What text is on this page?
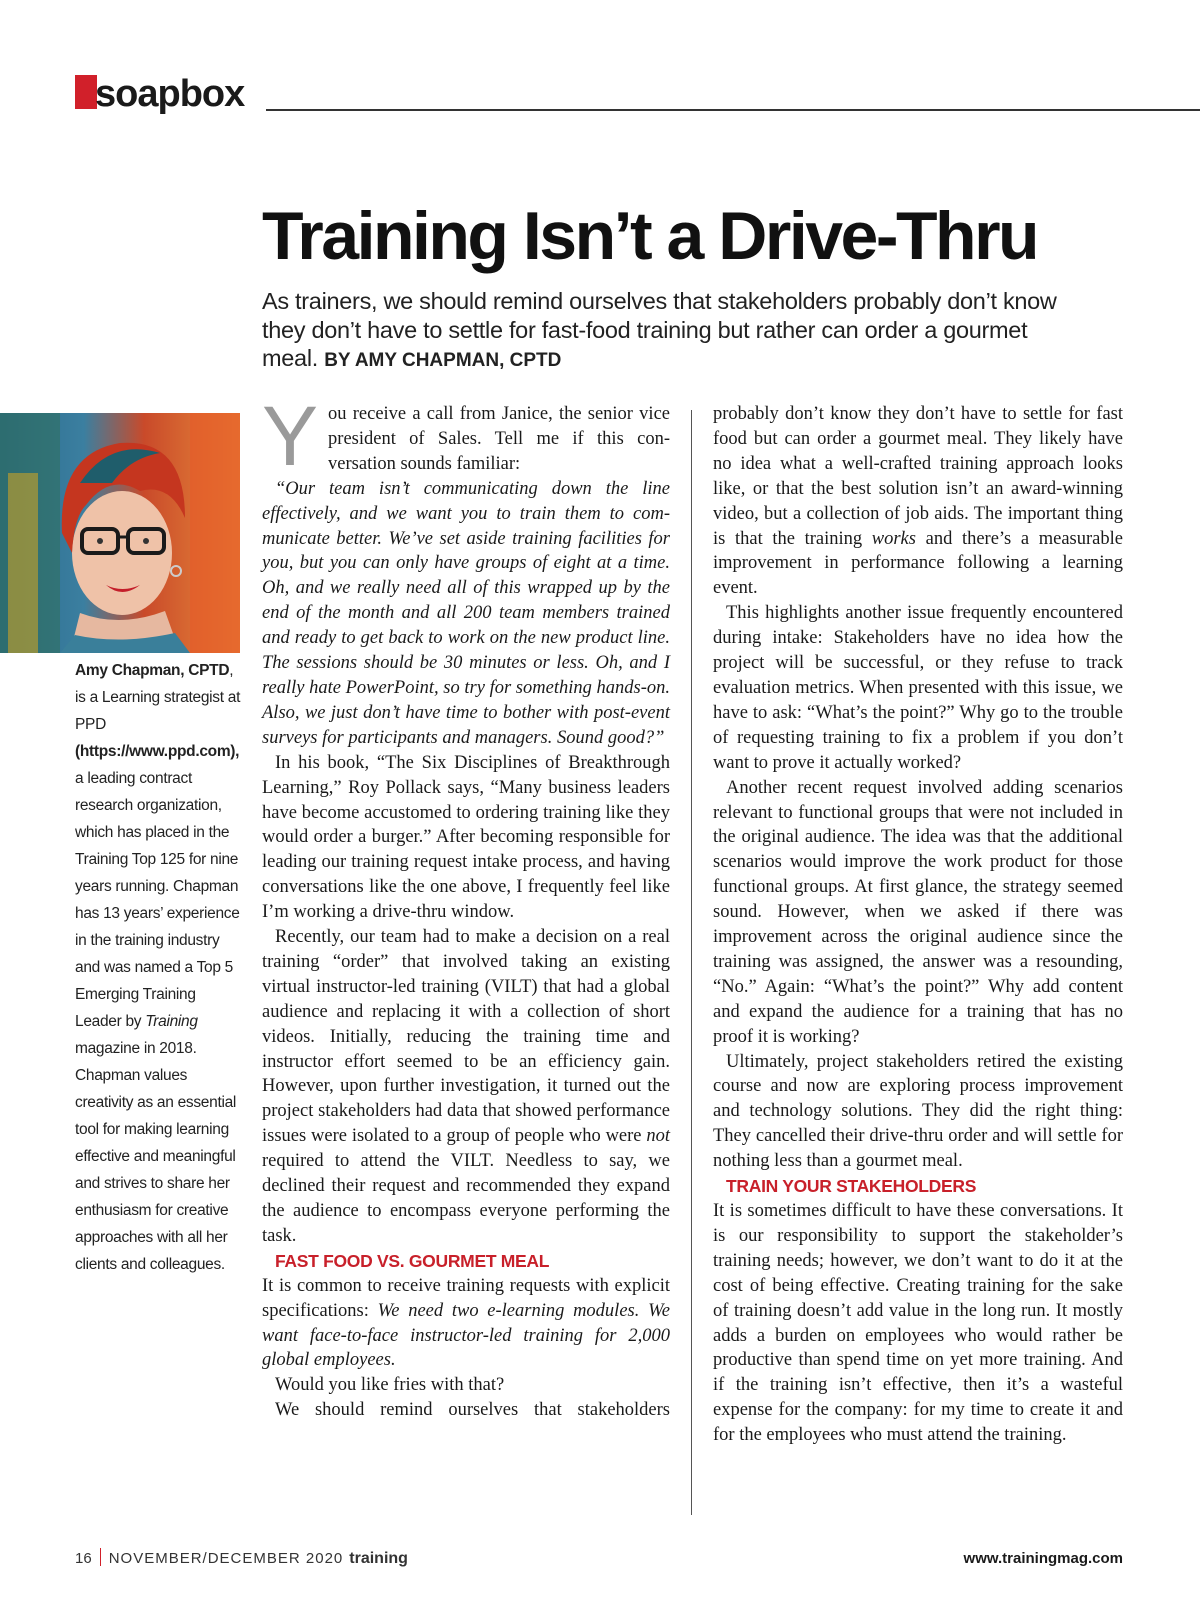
soapbox
Training Isn’t a Drive-Thru
As trainers, we should remind ourselves that stakeholders probably don’t know they don’t have to settle for fast-food training but rather can order a gourmet meal. BY AMY CHAPMAN, CPTD
Amy Chapman, CPTD, is a Learning strategist at PPD (https://www.ppd.com), a leading contract research organization, which has placed in the Training Top 125 for nine years running. Chapman has 13 years’ experience in the training industry and was named a Top 5 Emerging Training Leader by Training magazine in 2018. Chapman values creativity as an essential tool for making learning effective and meaningful and strives to share her enthusiasm for creative approaches with all her clients and colleagues.

You receive a call from Janice, the senior vice president of Sales. Tell me if this conversation sounds familiar:

“Our team isn’t communicating down the line effectively, and we want you to train them to communicate better. We’ve set aside training facilities for you, but you can only have groups of eight at a time. Oh, and we really need all of this wrapped up by the end of the month and all 200 team members trained and ready to get back to work on the new product line. The sessions should be 30 minutes or less. Oh, and I really hate PowerPoint, so try for something hands-on. Also, we just don’t have time to bother with post-event surveys for participants and managers. Sound good?”

In his book, “The Six Disciplines of Breakthrough Learning,” Roy Pollack says, “Many business leaders have become accustomed to ordering training like they would order a burger.” After becoming responsible for leading our training request intake process, and having conversations like the one above, I frequently feel like I’m working a drive-thru window.

Recently, our team had to make a decision on a real training “order” that involved taking an existing virtual instructor-led training (VILT) that had a global audience and replacing it with a collection of short videos. Initially, reducing the training time and instructor effort seemed to be an efficiency gain. However, upon further investigation, it turned out the project stakeholders had data that showed performance issues were isolated to a group of people who were not required to attend the VILT. Needless to say, we declined their request and recommended they expand the audience to encompass everyone performing the task.

FAST FOOD VS. GOURMET MEAL

It is common to receive training requests with explicit specifications: We need two e-learning modules. We want face-to-face instructor-led training for 2,000 global employees.

Would you like fries with that?

We should remind ourselves that stakeholders

probably don’t know they don’t have to settle for fast food but can order a gourmet meal. They likely have no idea what a well-crafted training approach looks like, or that the best solution isn’t an award-winning video, but a collection of job aids. The important thing is that the training works and there’s a measurable improvement in performance following a learning event.

This highlights another issue frequently encountered during intake: Stakeholders have no idea how the project will be successful, or they refuse to track evaluation metrics. When presented with this issue, we have to ask: “What’s the point?” Why go to the trouble of requesting training to fix a problem if you don’t want to prove it actually worked?

Another recent request involved adding scenarios relevant to functional groups that were not included in the original audience. The idea was that the additional scenarios would improve the work product for those functional groups. At first glance, the strategy seemed sound. However, when we asked if there was improvement across the original audience since the training was assigned, the answer was a resounding, “No.” Again: “What’s the point?” Why add content and expand the audience for a training that has no proof it is working?

Ultimately, project stakeholders retired the existing course and now are exploring process improvement and technology solutions. They did the right thing: They cancelled their drive-thru order and will settle for nothing less than a gourmet meal.

TRAIN YOUR STAKEHOLDERS

It is sometimes difficult to have these conversations. It is our responsibility to support the stakeholder’s training needs; however, we don’t want to do it at the cost of being effective. Creating training for the sake of training doesn’t add value in the long run. It mostly adds a burden on employees who would rather be productive than spend time on yet more training. And if the training isn’t effective, then it’s a wasteful expense for the company: for my time to create it and for the employees who must attend the training.

16 NOVEMBER/DECEMBER 2020 training	www.trainingmag.com
